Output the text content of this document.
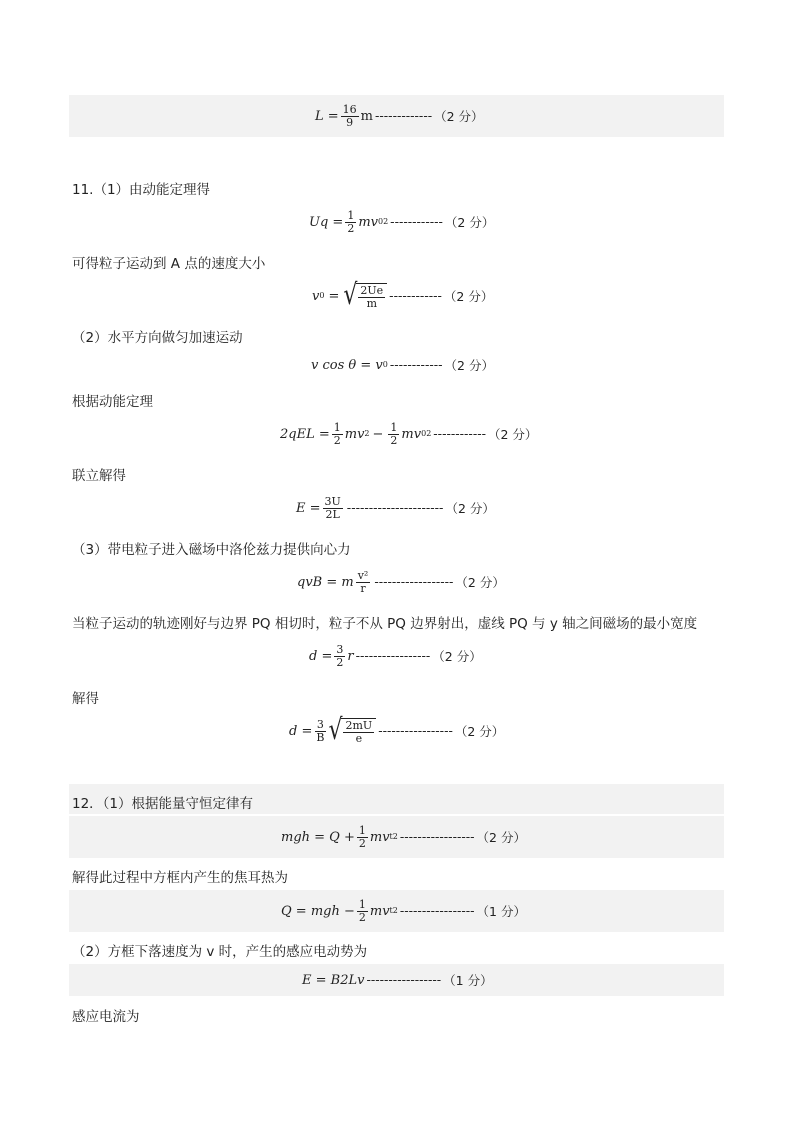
$L = \frac{16}{9}$ m ------------- （2 分）
11.（1）由动能定理得
$Uq = \frac{1}{2}$ mv 0 2 ------------ （2 分）
可得粒子运动到 A 点的速度大小
v 0 = √ $\frac{2Ue}{m}$ ------------ （2 分）
（2）水平方向做匀加速运动
v cos θ = v 0 ------------ （2 分）
根据动能定理
$2qEL = \frac{1}{2}$ mv $2 - \frac{1}{2}$ mv 0 2 ------------ （2 分）
联立解得
$E = \frac{3U}{2L}$ ---------------------- （2 分）
（3）带电粒子进入磁场中洛伦兹力提供向心力
qvB = m $\frac{\text{v²}}{r}$ ------------------ （2 分）
当粒子运动的轨迹刚好与边界 PQ 相切时，粒子不从 PQ 边界射出，虚线 PQ 与 y 轴之间磁场的最小宽度
$d = \frac{3}{2}$ r ----------------- （2 分）
解得
$d = \frac{3}{B}$ √ $\frac{2mU}{e}$ ----------------- （2 分）
12．（1）根据能量守恒定律有
mgh = $Q + \frac{1}{2}$ mv t 2 ----------------- （2 分）
解得此过程中方框内产生的焦耳热为
Q = mgh − $\frac{1}{2}$ mv t 2 ----------------- （1 分）
（2）方框下落速度为 v 时，产生的感应电动势为
E = B2Lv ----------------- （1 分）
感应电流为
